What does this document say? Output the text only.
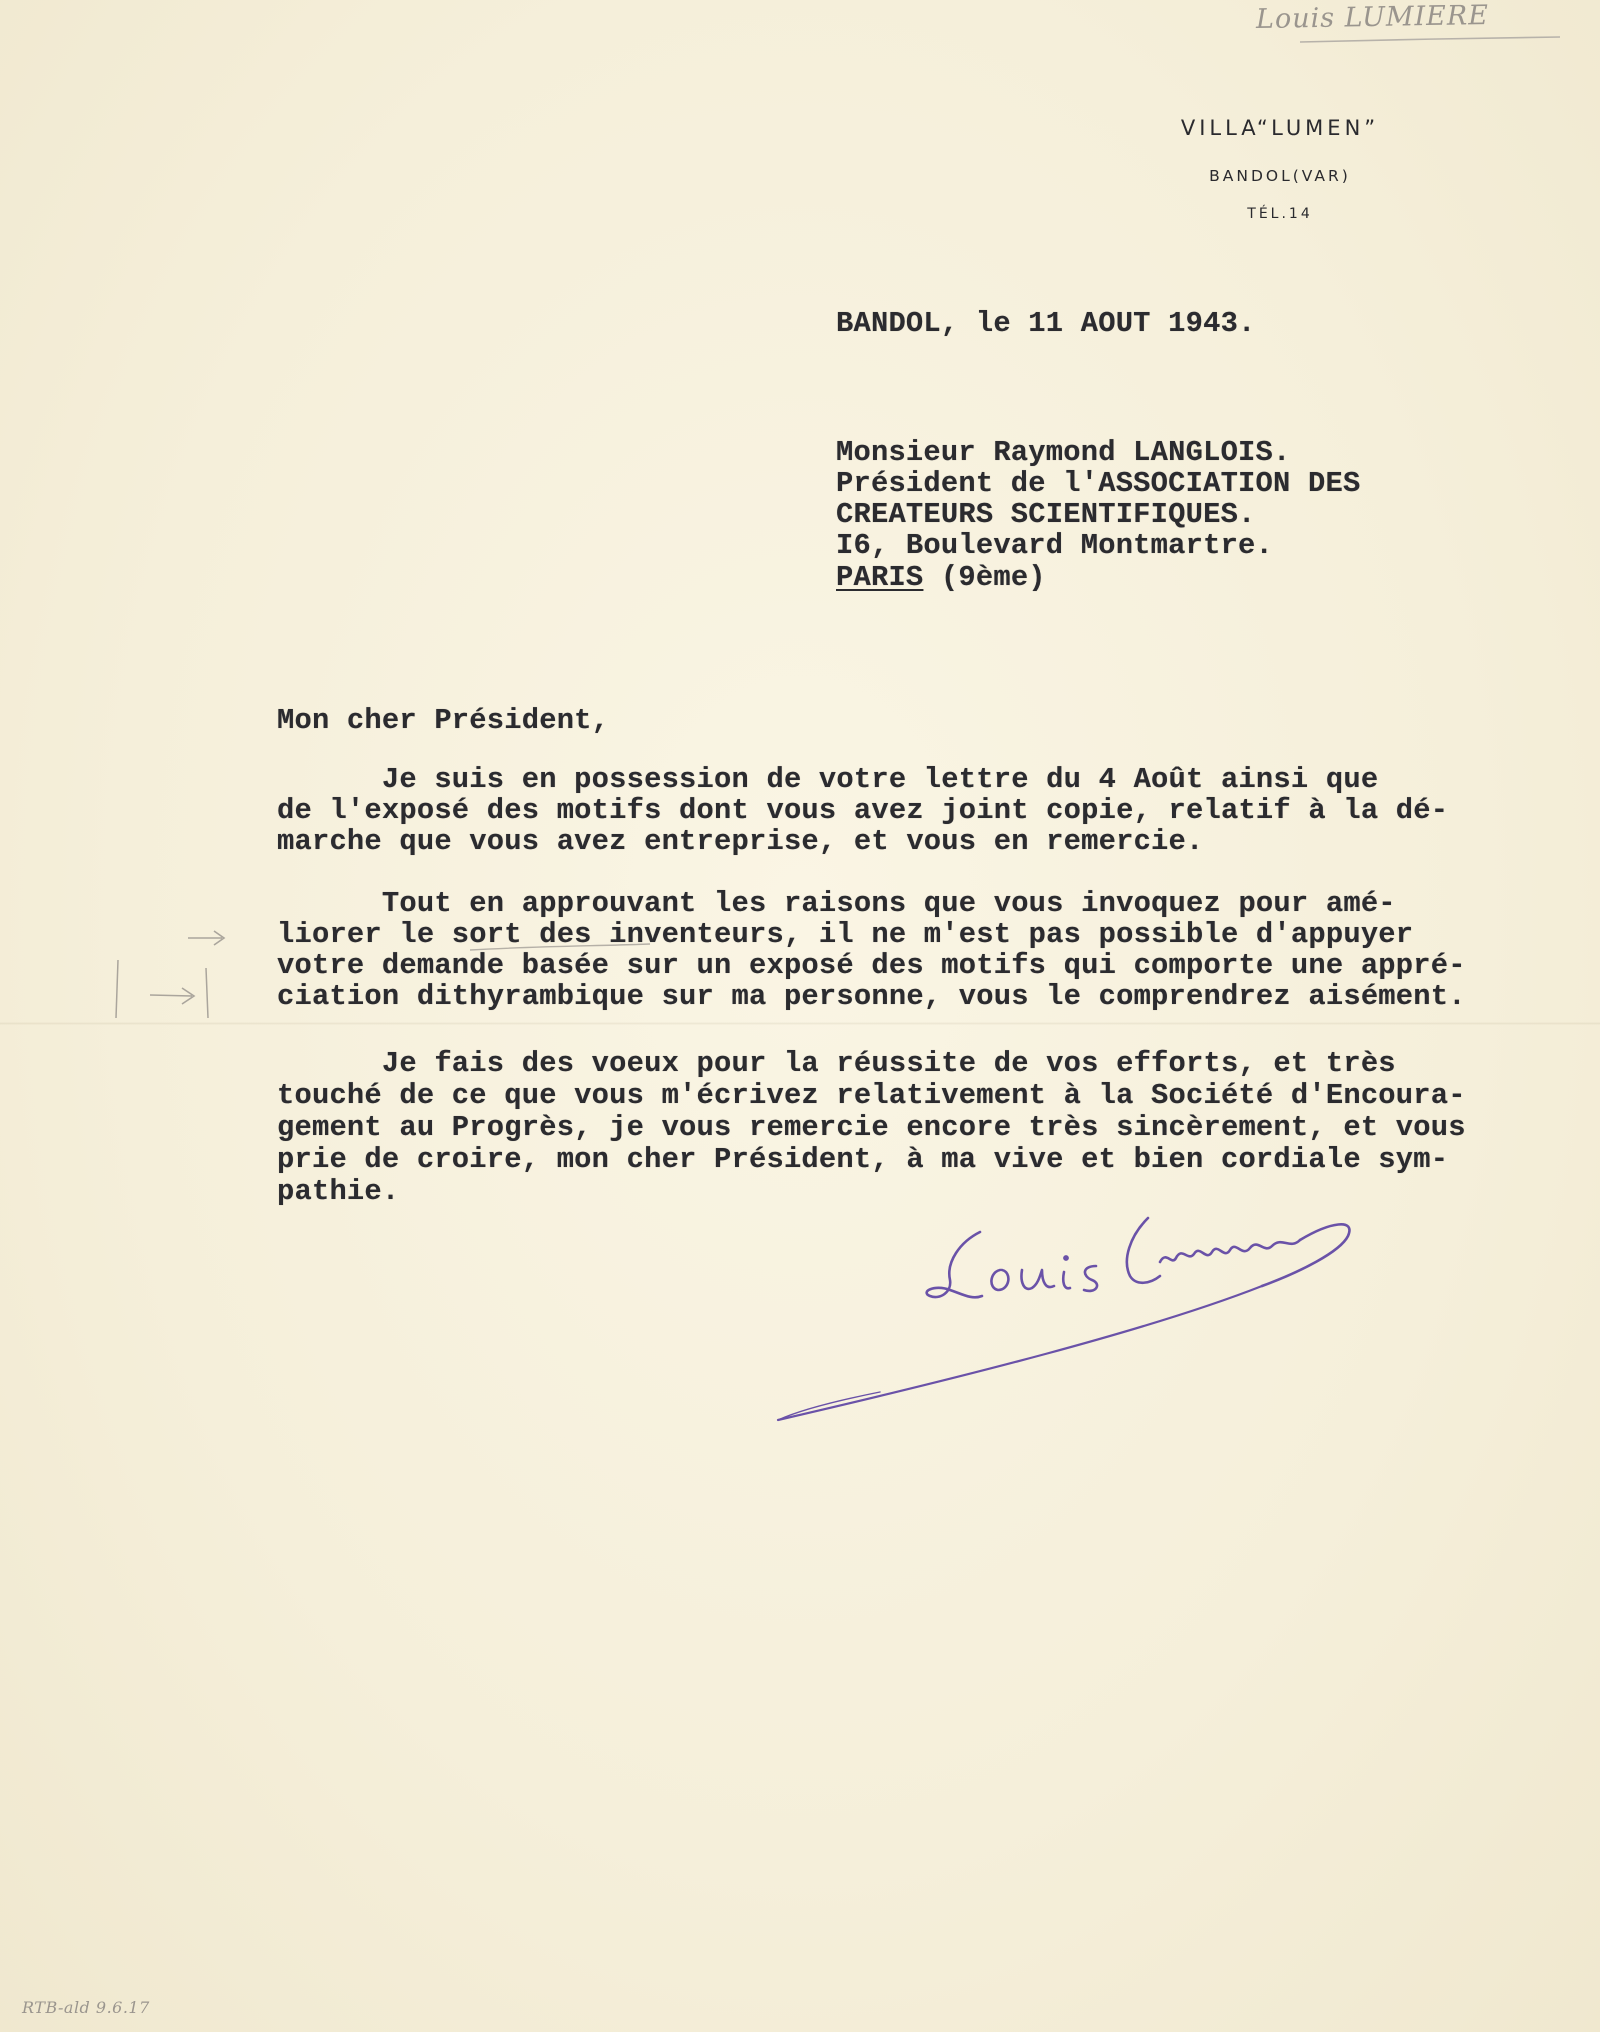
Louis LUMIERE

RTB-ald 9.6.17

VILLA“LUMEN”

BANDOL(VAR)

TÉL.14

BANDOL, le 11 AOUT 1943.

Monsieur Raymond LANGLOIS.

Président de l'ASSOCIATION DES

CREATEURS SCIENTIFIQUES.

I6, Boulevard Montmartre.

PARIS (9ème)

Mon cher Président,

Je suis en possession de votre lettre du 4 Août ainsi que

de l'exposé des motifs dont vous avez joint copie, relatif à la dé-

marche que vous avez entreprise, et vous en remercie.

Tout en approuvant les raisons que vous invoquez pour amé-

liorer le sort des inventeurs, il ne m'est pas possible d'appuyer

votre demande basée sur un exposé des motifs qui comporte une appré-

ciation dithyrambique sur ma personne, vous le comprendrez aisément.

Je fais des voeux pour la réussite de vos efforts, et très

touché de ce que vous m'écrivez relativement à la Société d'Encoura-

gement au Progrès, je vous remercie encore très sincèrement, et vous

prie de croire, mon cher Président, à ma vive et bien cordiale sym-

pathie.
